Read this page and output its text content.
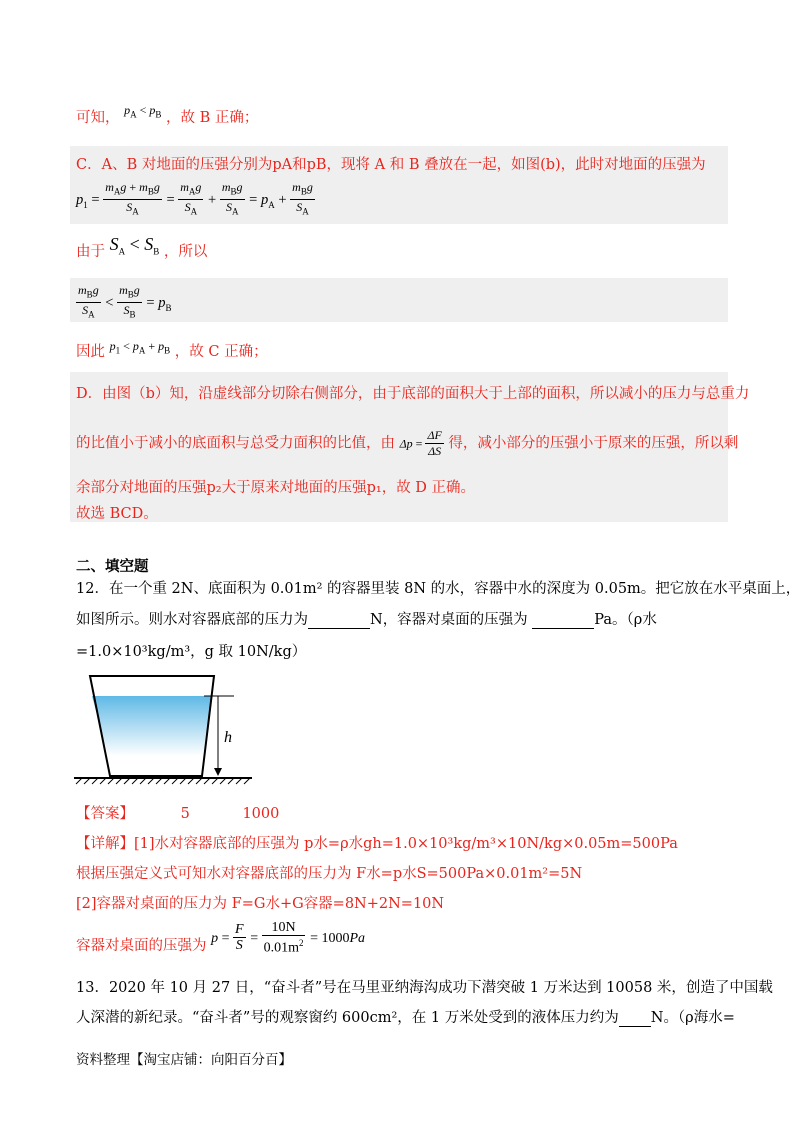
可知， $^{p_A < p_B}$ ，故 B 正确；
C．A、B 对地面的压强分别为pA和pB，现将 A 和 B 叠放在一起，如图(b)，此时对地面的压强为
$p_1 = \frac{m_Ag + m_Bg}{S_A} = \frac{m_Ag}{S_A} + \frac{m_Bg}{S_A} = p_A + \frac{m_Bg}{S_A}$
由于 $S_A < S_B$ ，所以
$\frac{m_Bg}{S_A} < \frac{m_Bg}{S_B} = p_B$
因此 $^{p_1 < p_A + p_B}$ ，故 C 正确；
D．由图（b）知，沿虚线部分切除右侧部分，由于底部的面积大于上部的面积，所以减小的压力与总重力
的比值小于减小的底面积与总受力面积的比值，由 $\Delta p = \frac{\Delta F}{\Delta S}$ 得，减小部分的压强小于原来的压强，所以剩
余部分对地面的压强p₂大于原来对地面的压强p₁，故 D 正确。
故选 BCD。
二、填空题
12．在一个重 2N、底面积为 0.01m² 的容器里装 8N 的水，容器中水的深度为 0.05m。把它放在水平桌面上，
如图所示。则水对容器底部的压力为	N，容器对桌面的压强为	Pa。（ρ水
=1.0×10³kg/m³，g 取 10N/kg）
h
【答案】	5	1000
【详解】[1]水对容器底部的压强为 p水=ρ水gh=1.0×10³kg/m³×10N/kg×0.05m=500Pa
根据压强定义式可知水对容器底部的压力为 F水=p水S=500Pa×0.01m²=5N
[2]容器对桌面的压力为 F=G水+G容器=8N+2N=10N
容器对桌面的压强为 $p = \frac{F}{S} = \frac{10N}{0.01m^2} = 1000Pa$
13．2020 年 10 月 27 日，“奋斗者”号在马里亚纳海沟成功下潜突破 1 万米达到 10058 米，创造了中国载
人深潜的新纪录。“奋斗者”号的观察窗约 600cm²，在 1 万米处受到的液体压力约为 N。（ρ海水=
资料整理【淘宝店铺：向阳百分百】
